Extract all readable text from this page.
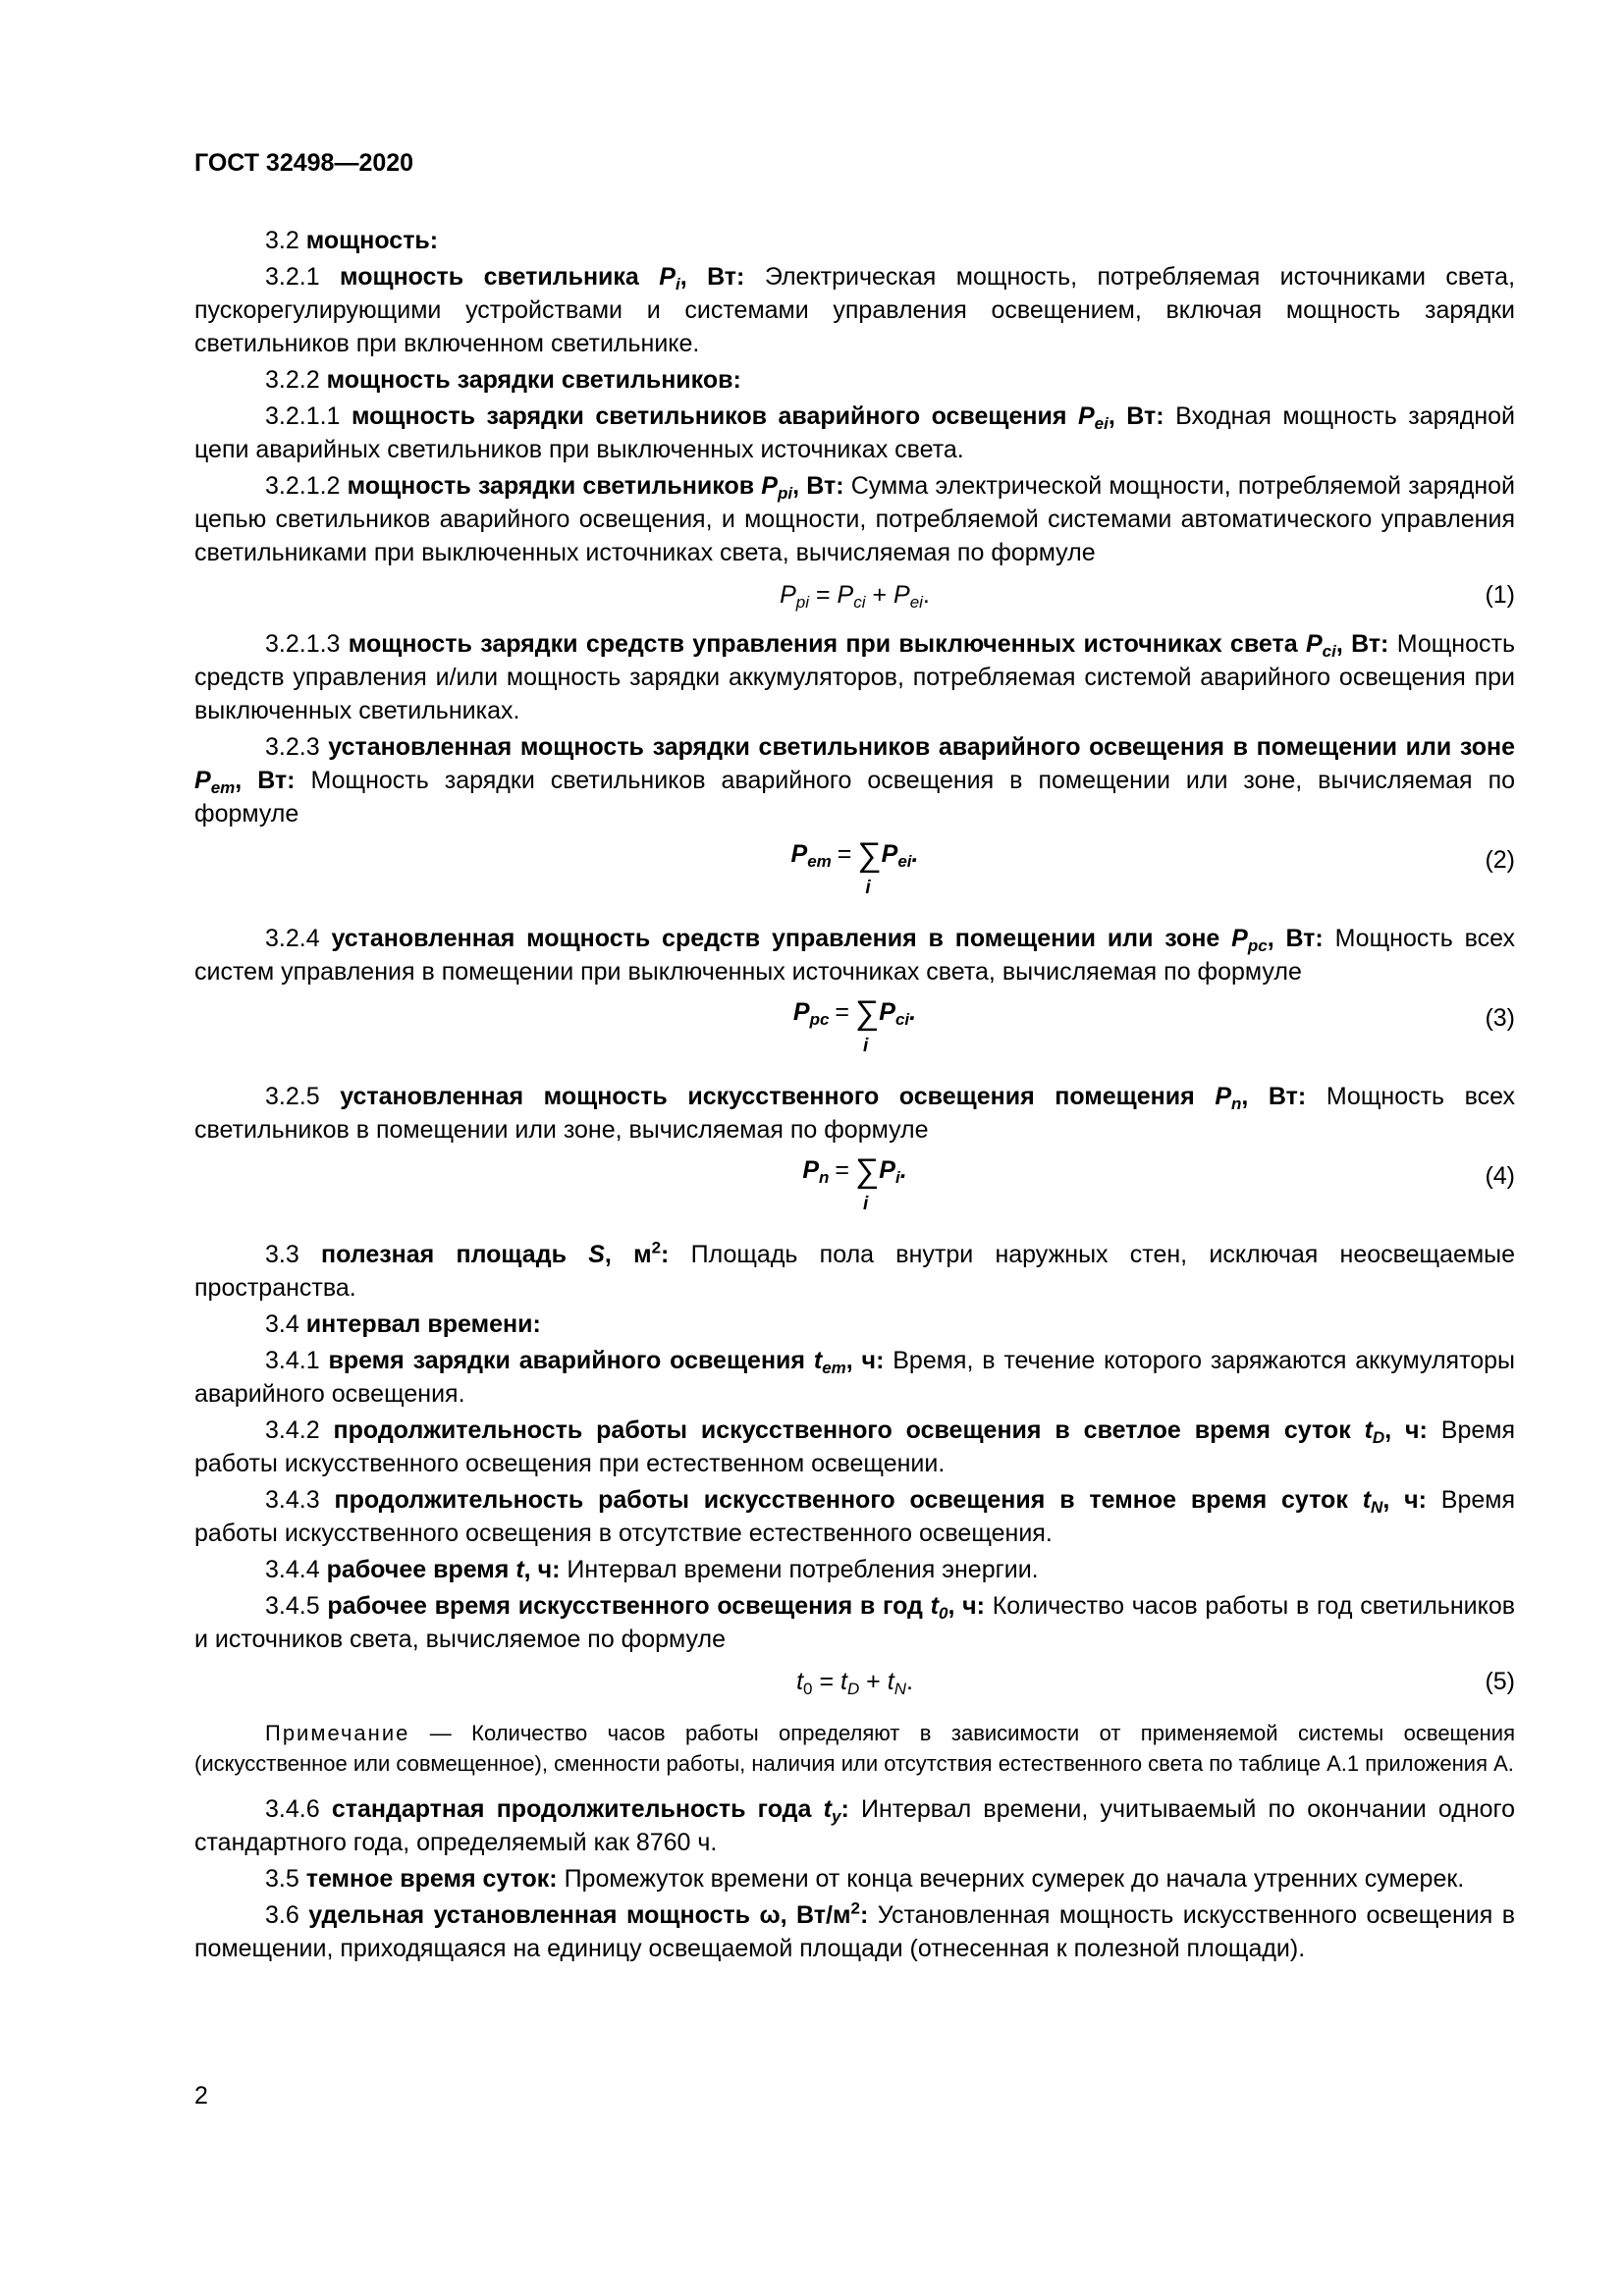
ГОСТ 32498—2020

3.2 мощность:

3.2.1 мощность светильника $P_i$, Вт: Электрическая мощность, потребляемая источниками света, пускорегулирующими устройствами и системами управления освещением, включая мощность зарядки светильников при включенном светильнике.

3.2.2 мощность зарядки светильников:

3.2.1.1 мощность зарядки светильников аварийного освещения $P_{ei}$, Вт: Входная мощность зарядной цепи аварийных светильников при выключенных источниках света.

3.2.1.2 мощность зарядки светильников $P_{pi}$, Вт: Сумма электрической мощности, потребляемой зарядной цепью светильников аварийного освещения, и мощности, потребляемой системами автоматического управления светильниками при выключенных источниках света, вычисляемая по формуле

$P_{pi} = P_{ci} + P_{ei}$.	(1)

3.2.1.3 мощность зарядки средств управления при выключенных источниках света $P_{ci}$, Вт: Мощность средств управления и/или мощность зарядки аккумуляторов, потребляемая системой аварийного освещения при выключенных светильниках.

3.2.3 установленная мощность зарядки светильников аварийного освещения в помещении или зоне $P_{em}$, Вт: Мощность зарядки светильников аварийного освещения в помещении или зоне, вычисляемая по формуле

$P_{em}$ = ∑
i
$P_{ei}$.	(2)

3.2.4 установленная мощность средств управления в помещении или зоне $P_{pc}$, Вт: Мощность всех систем управления в помещении при выключенных источниках света, вычисляемая по формуле

$P_{pc}$ = ∑
i
$P_{ci}$.	(3)

3.2.5 установленная мощность искусственного освещения помещения $P_n$, Вт: Мощность всех светильников в помещении или зоне, вычисляемая по формуле

$P_n$ = ∑
i
$P_i$.	(4)

3.3 полезная площадь S, $м^2$: Площадь пола внутри наружных стен, исключая неосвещаемые пространства.

3.4 интервал времени:

3.4.1 время зарядки аварийного освещения $t_{em}$, ч: Время, в течение которого заряжаются аккумуляторы аварийного освещения.

3.4.2 продолжительность работы искусственного освещения в светлое время суток $t_D$, ч: Время работы искусственного освещения при естественном освещении.

3.4.3 продолжительность работы искусственного освещения в темное время суток $t_N$, ч: Время работы искусственного освещения в отсутствие естественного освещения.

3.4.4 рабочее время t, ч: Интервал времени потребления энергии.

3.4.5 рабочее время искусственного освещения в год $t_0$, ч: Количество часов работы в год светильников и источников света, вычисляемое по формуле

$t_0 = t_D + t_N$.	(5)

Примечание — Количество часов работы определяют в зависимости от применяемой системы освещения (искусственное или совмещенное), сменности работы, наличия или отсутствия естественного света по таблице А.1 приложения А.

3.4.6 стандартная продолжительность года $t_y$: Интервал времени, учитываемый по окончании одного стандартного года, определяемый как 8760 ч.

3.5 темное время суток: Промежуток времени от конца вечерних сумерек до начала утренних сумерек.

3.6 удельная установленная мощность ω, $Вт/м^2$: Установленная мощность искусственного освещения в помещении, приходящаяся на единицу освещаемой площади (отнесенная к полезной площади).

2
